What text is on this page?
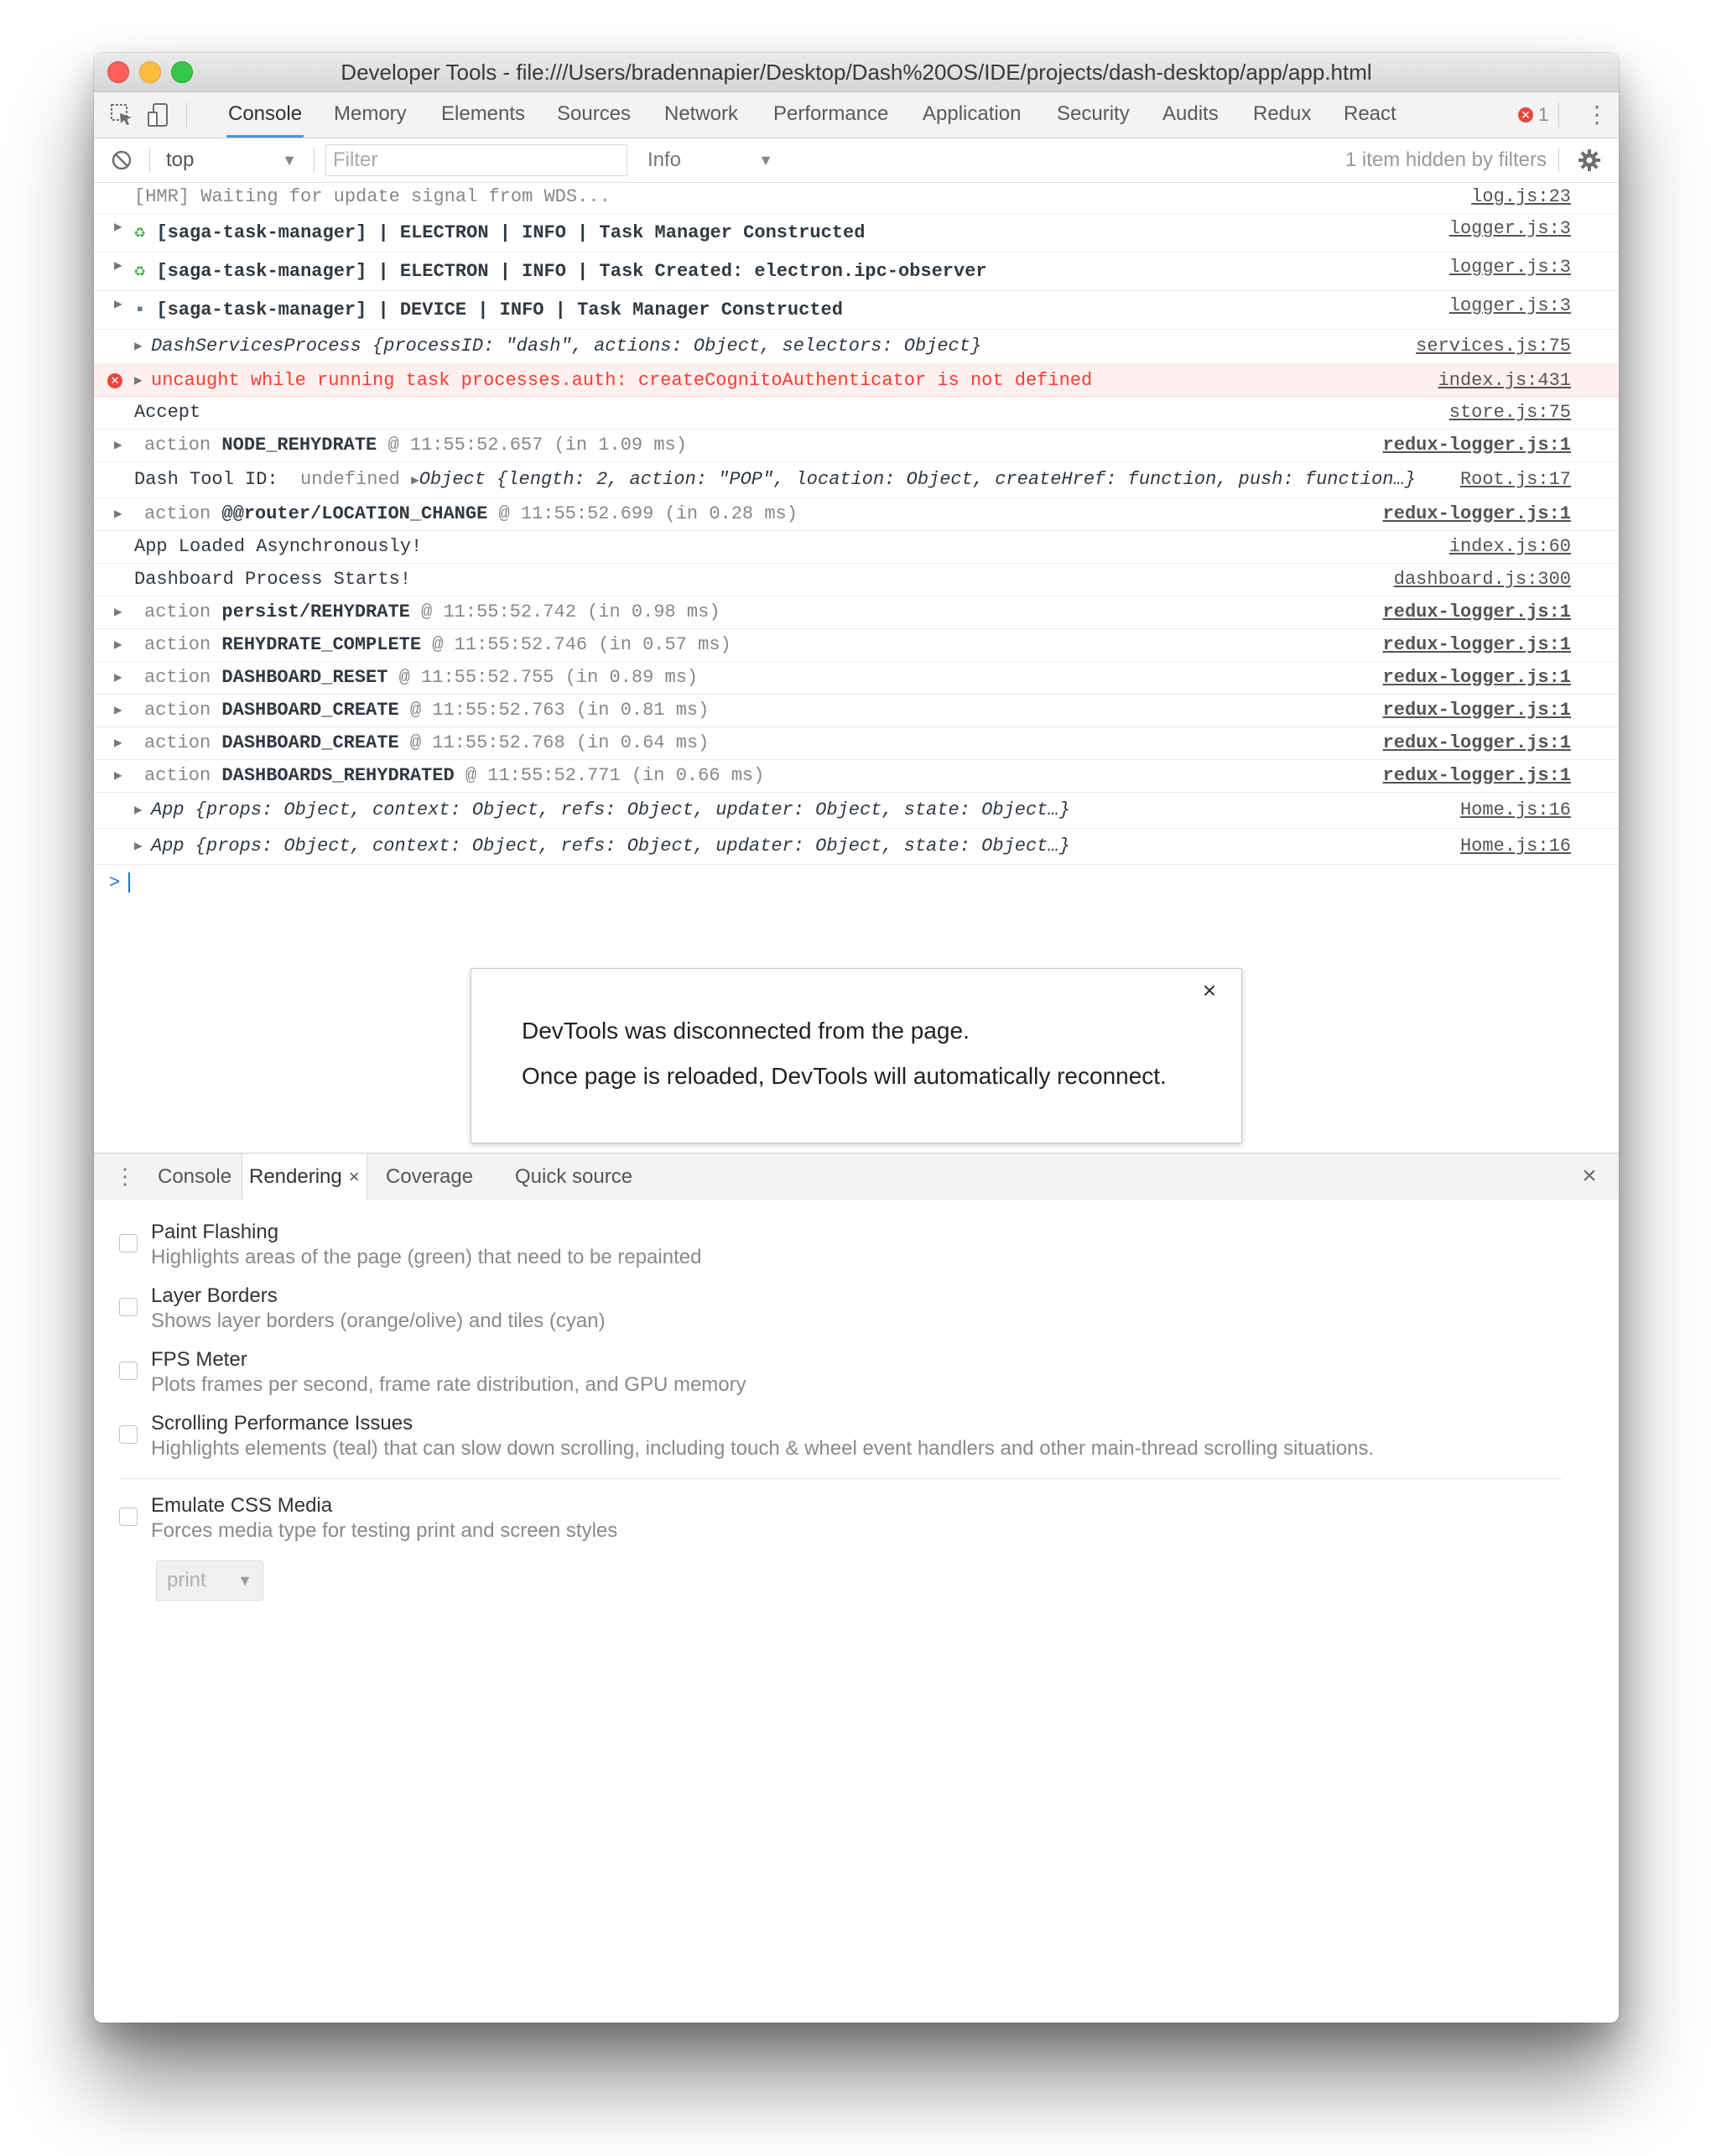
Developer Tools - file:///Users/bradennapier/Desktop/Dash%20OS/IDE/projects/dash-desktop/app/app.html
Console Memory Elements Sources Network Performance Application Security Audits Redux React	✕ 1 ⋮
top	▼
Filter	Info	▼	1 item hidden by filters
[HMR] Waiting for update signal from WDS...	log.js:23
▶ ♻ [saga-task-manager] | ELECTRON | INFO | Task Manager Constructed	logger.js:3
▶ ♻ [saga-task-manager] | ELECTRON | INFO | Task Created: electron.ipc-observer	logger.js:3
▶ ▪ [saga-task-manager] | DEVICE | INFO | Task Manager Constructed	logger.js:3
▶ DashServicesProcess {processID: "dash", actions: Object, selectors: Object}	services.js:75
✕ ▶ uncaught while running task processes.auth: createCognitoAuthenticator is not defined	index.js:431
Accept	store.js:75
▶ action NODE_REHYDRATE @ 11:55:52.657 (in 1.09 ms)	redux-logger.js:1
Dash Tool ID: undefined ▶Object {length: 2, action: "POP", location: Object, createHref: function, push: function…} Root.js:17
▶ action @@router/LOCATION_CHANGE @ 11:55:52.699 (in 0.28 ms)	redux-logger.js:1
App Loaded Asynchronously!	index.js:60
Dashboard Process Starts!	dashboard.js:300
▶ action persist/REHYDRATE @ 11:55:52.742 (in 0.98 ms)	redux-logger.js:1
▶ action REHYDRATE_COMPLETE @ 11:55:52.746 (in 0.57 ms)	redux-logger.js:1
▶ action DASHBOARD_RESET @ 11:55:52.755 (in 0.89 ms)	redux-logger.js:1
▶ action DASHBOARD_CREATE @ 11:55:52.763 (in 0.81 ms)	redux-logger.js:1
▶ action DASHBOARD_CREATE @ 11:55:52.768 (in 0.64 ms)	redux-logger.js:1
▶ action DASHBOARDS_REHYDRATED @ 11:55:52.771 (in 0.66 ms)	redux-logger.js:1
▶ App {props: Object, context: Object, refs: Object, updater: Object, state: Object…}	Home.js:16
▶ App {props: Object, context: Object, refs: Object, updater: Object, state: Object…}	Home.js:16
>
×

DevTools was disconnected from the page.

Once page is reloaded, DevTools will automatically reconnect.

⋮ Console Rendering ×	Coverage Quick source	×
Paint Flashing
Highlights areas of the page (green) that need to be repainted
Layer Borders
Shows layer borders (orange/olive) and tiles (cyan)
FPS Meter
Plots frames per second, frame rate distribution, and GPU memory
Scrolling Performance Issues
Highlights elements (teal) that can slow down scrolling, including touch & wheel event handlers and other main-thread scrolling situations.
Emulate CSS Media
Forces media type for testing print and screen styles
print ▼
